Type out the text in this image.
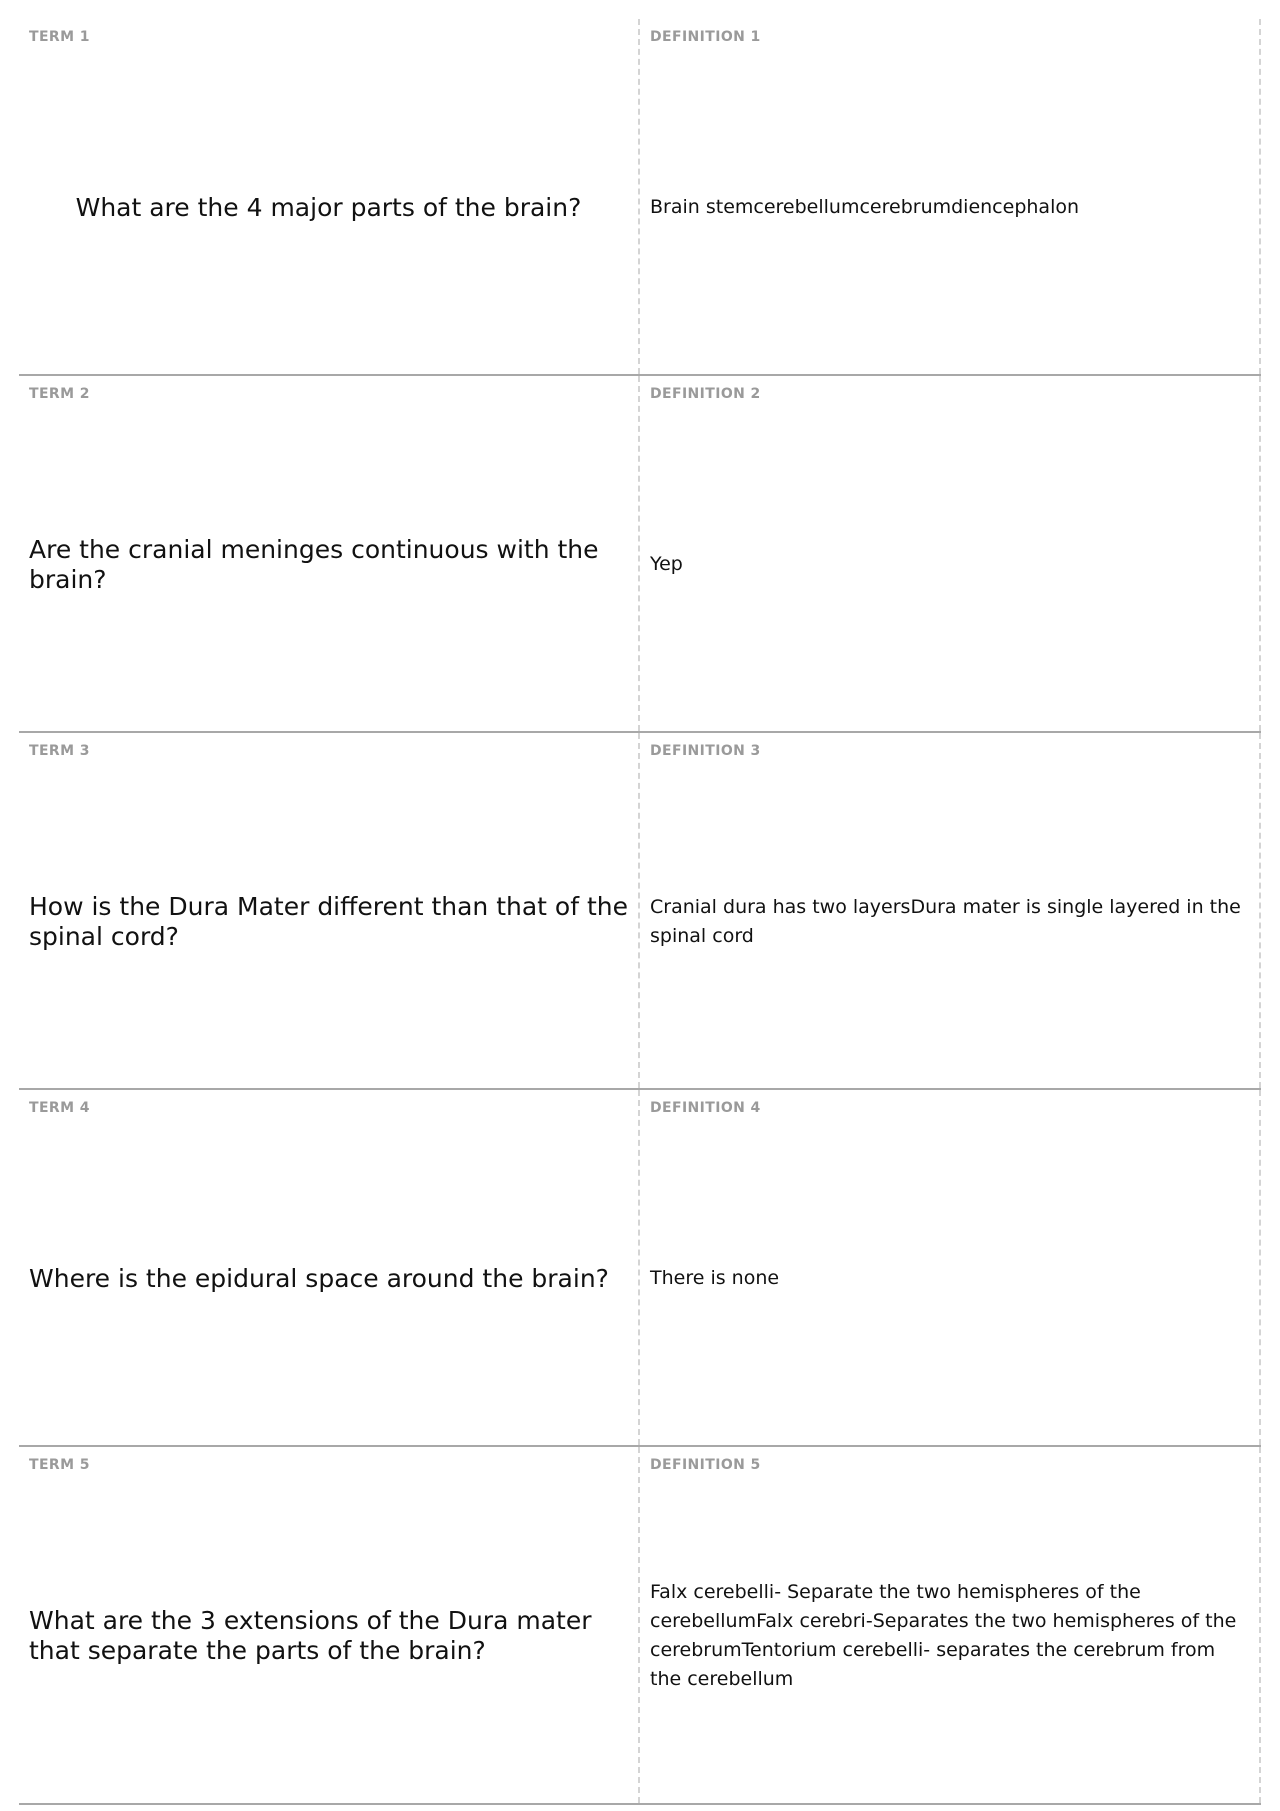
TERM 1
What are the 4 major parts of the brain?
DEFINITION 1
Brain stemcerebellumcerebrumdiencephalon
TERM 2
Are the cranial meninges continuous with the brain?
DEFINITION 2
Yep
TERM 3
How is the Dura Mater different than that of the spinal cord?
DEFINITION 3
Cranial dura has two layersDura mater is single layered in the spinal cord
TERM 4
Where is the epidural space around the brain?
DEFINITION 4
There is none
TERM 5
What are the 3 extensions of the Dura mater that separate the parts of the brain?
DEFINITION 5
Falx cerebelli- Separate the two hemispheres of the cerebellumFalx cerebri-Separates the two hemispheres of the cerebrumTentorium cerebelli- separates the cerebrum from the cerebellum
